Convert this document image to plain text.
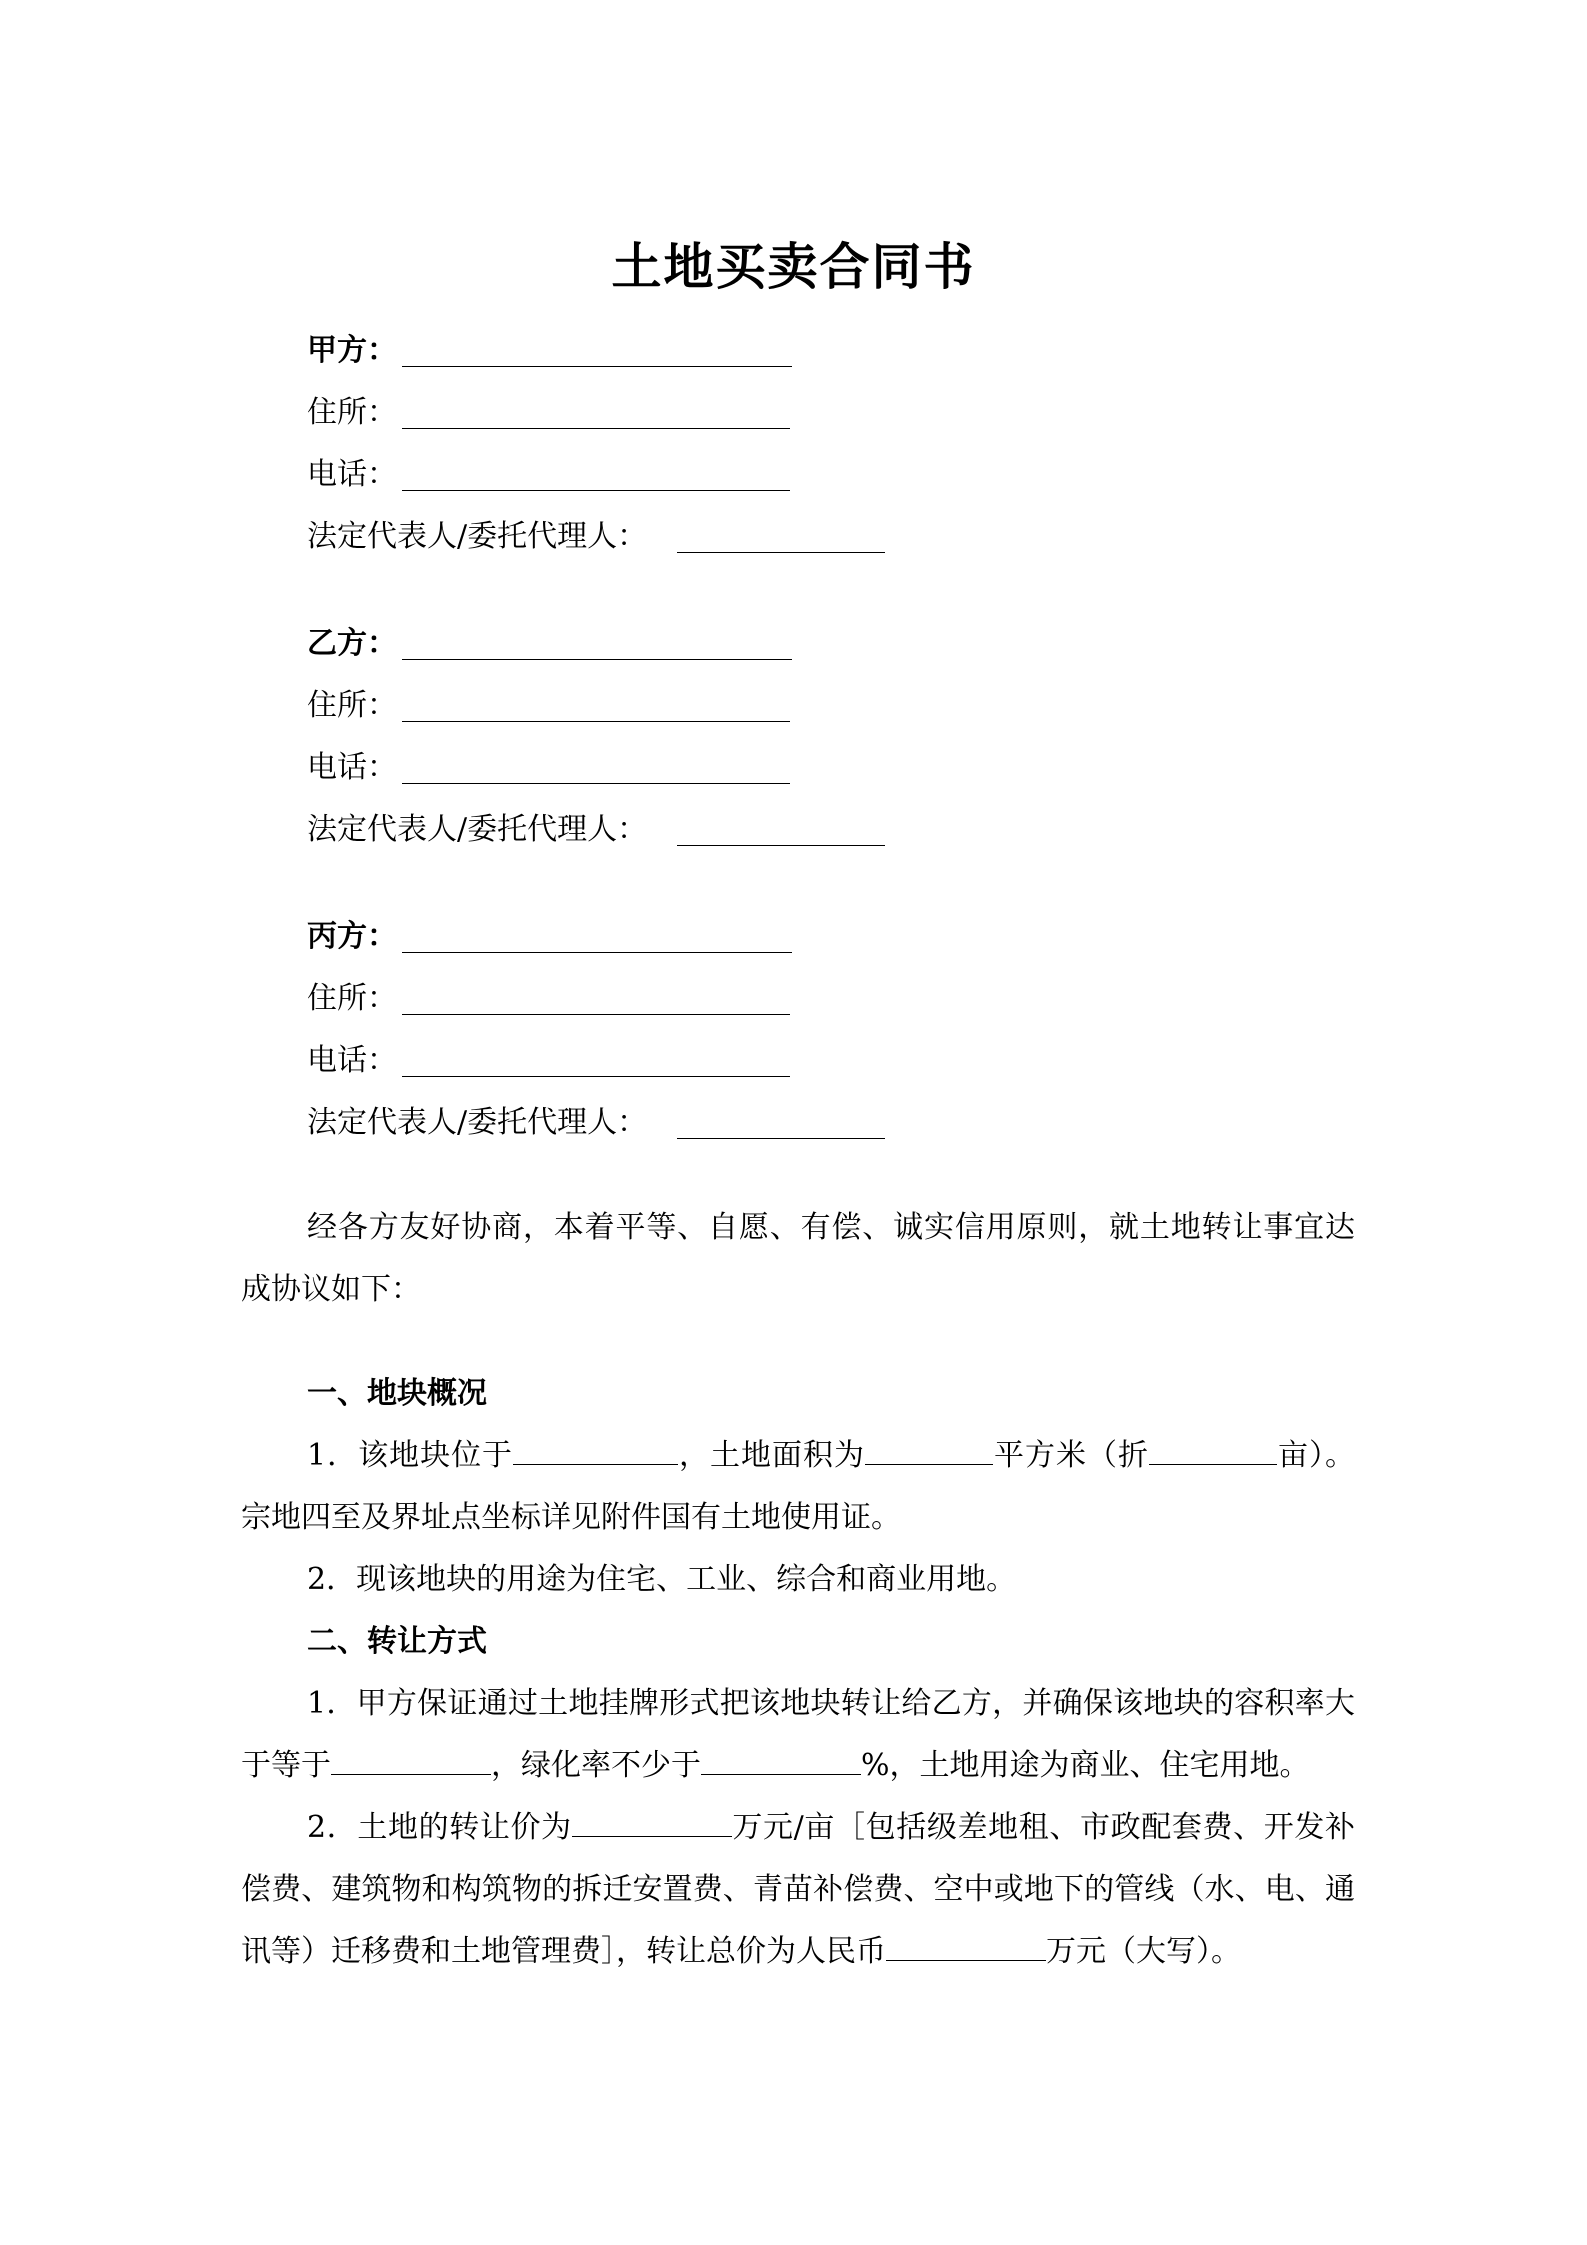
土地买卖合同书
甲方：
住所：
电话：
法定代表人/委托代理人：
乙方：
住所：
电话：
法定代表人/委托代理人：
丙方：
住所：
电话：
法定代表人/委托代理人：

经各方友好协商，本着平等、自愿、有偿、诚实信用原则，就土地转让事宜达成协议如下：

一、地块概况

1．该地块位于	，土地面积为	平方米（折	亩）。宗地四至及界址点坐标详见附件国有土地使用证。

2．现该地块的用途为住宅、工业、综合和商业用地。

二、转让方式

1．甲方保证通过土地挂牌形式把该地块转让给乙方，并确保该地块的容积率大于等于	，绿化率不少于	%，土地用途为商业、住宅用地。

2．土地的转让价为	万元/亩［包括级差地租、市政配套费、开发补偿费、建筑物和构筑物的拆迁安置费、青苗补偿费、空中或地下的管线（水、电、通讯等）迁移费和土地管理费］，转让总价为人民币	万元（大写）。
